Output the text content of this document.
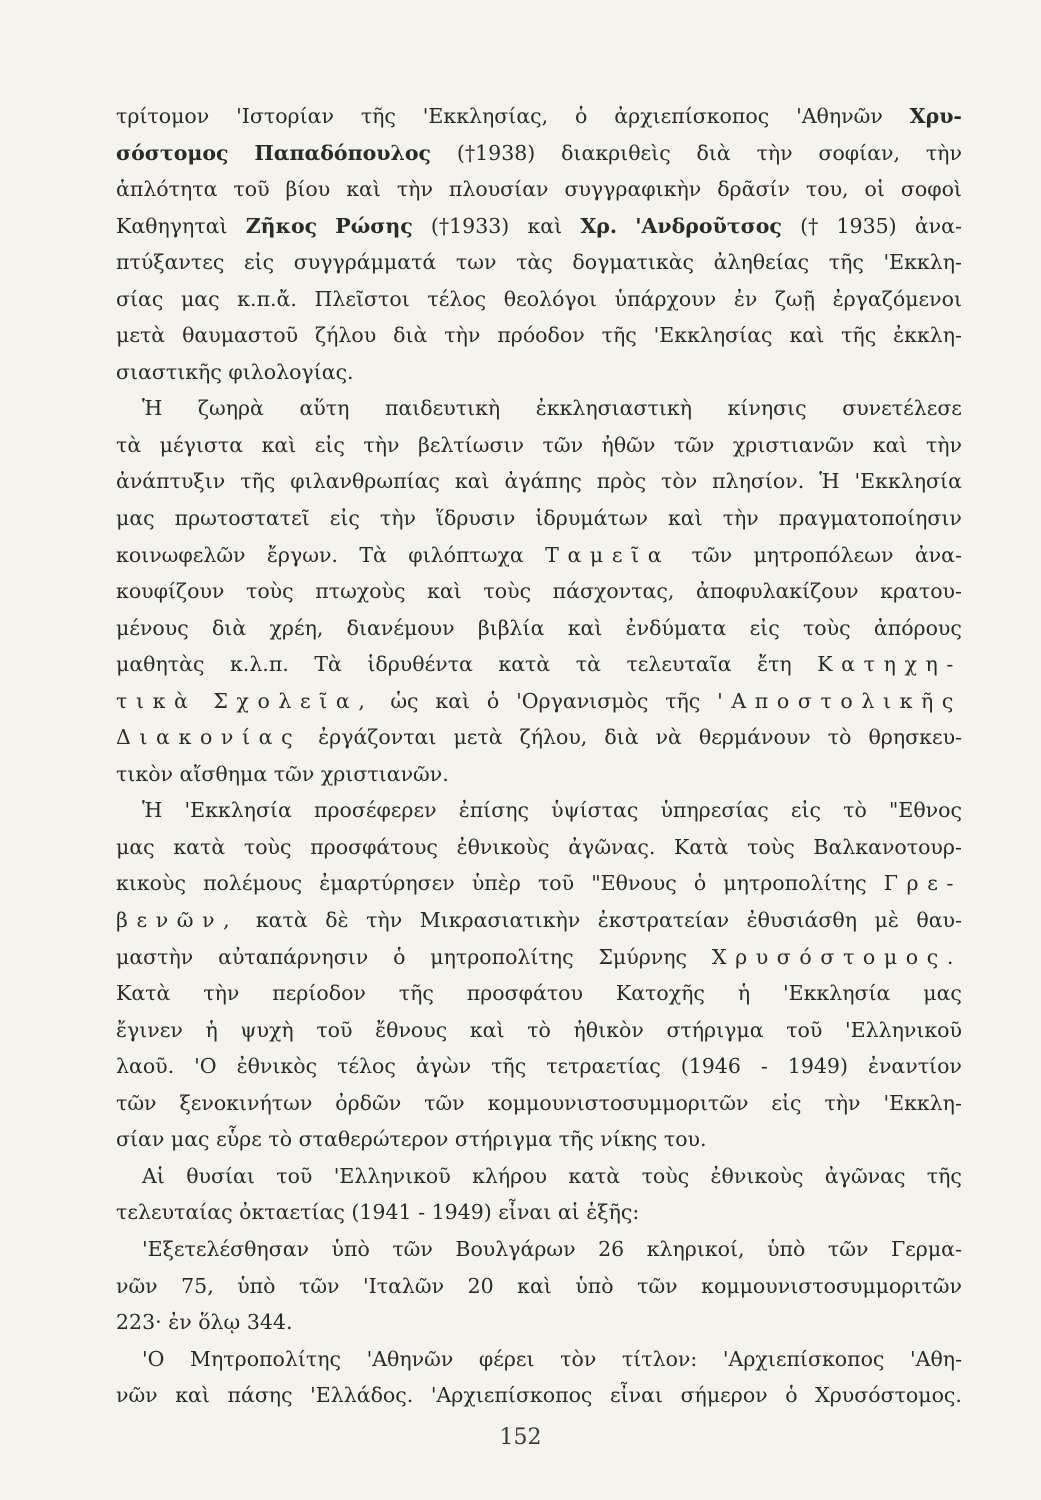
τρίτομον 'Ιστορίαν τῆς 'Εκκλησίας, ὁ ἀρχιεπίσκοπος 'Αθηνῶν Χρυ-
σόστομος Παπαδόπουλος (†1938) διακριθεὶς διὰ τὴν σοφίαν, τὴν
ἁπλότητα τοῦ βίου καὶ τὴν πλουσίαν συγγραφικὴν δρᾶσίν του, οἱ σοφοὶ
Καθηγηταὶ Ζῆκος Ρώσης (†1933) καὶ Χρ. 'Ανδροῦτσος († 1935) ἀνα-
πτύξαντες εἰς συγγράμματά των τὰς δογματικὰς ἀληθείας τῆς 'Εκκλη-
σίας μας κ.π.ἄ. Πλεῖστοι τέλος θεολόγοι ὑπάρχουν ἐν ζωῇ ἐργαζόμενοι
μετὰ θαυμαστοῦ ζήλου διὰ τὴν πρόοδον τῆς 'Εκκλησίας καὶ τῆς ἐκκλη-
σιαστικῆς φιλολογίας.
Ἡ ζωηρὰ αὕτη παιδευτικὴ ἐκκλησιαστικὴ κίνησις συνετέλεσε
τὰ μέγιστα καὶ εἰς τὴν βελτίωσιν τῶν ἠθῶν τῶν χριστιανῶν καὶ τὴν
ἀνάπτυξιν τῆς φιλανθρωπίας καὶ ἀγάπης πρὸς τὸν πλησίον. Ἡ 'Εκκλησία
μας πρωτοστατεῖ εἰς τὴν ἵδρυσιν ἱδρυμάτων καὶ τὴν πραγματοποίησιν
κοινωφελῶν ἔργων. Τὰ φιλόπτωχα Ταμεῖα τῶν μητροπόλεων ἀνα-
κουφίζουν τοὺς πτωχοὺς καὶ τοὺς πάσχοντας, ἀποφυλακίζουν κρατου-
μένους διὰ χρέη, διανέμουν βιβλία καὶ ἐνδύματα εἰς τοὺς ἀπόρους
μαθητὰς κ.λ.π. Τὰ ἱδρυθέντα κατὰ τὰ τελευταῖα ἔτη Κατηχη-
τικὰ Σχολεῖα, ὡς καὶ ὁ 'Οργανισμὸς τῆς 'Αποστολικῆς
Διακονίας ἐργάζονται μετὰ ζήλου, διὰ νὰ θερμάνουν τὸ θρησκευ-
τικὸν αἴσθημα τῶν χριστιανῶν.
Ἡ 'Εκκλησία προσέφερεν ἐπίσης ὑψίστας ὑπηρεσίας εἰς τὸ "Εθνος
μας κατὰ τοὺς προσφάτους ἐθνικοὺς ἀγῶνας. Κατὰ τοὺς Βαλκανοτουρ-
κικοὺς πολέμους ἐμαρτύρησεν ὑπὲρ τοῦ "Εθνους ὁ μητροπολίτης Γρε-
βενῶν, κατὰ δὲ τὴν Μικρασιατικὴν ἐκστρατείαν ἐθυσιάσθη μὲ θαυ-
μαστὴν αὐταπάρνησιν ὁ μητροπολίτης Σμύρνης Χρυσόστομος.
Κατὰ τὴν περίοδον τῆς προσφάτου Κατοχῆς ἡ 'Εκκλησία μας
ἔγινεν ἡ ψυχὴ τοῦ ἔθνους καὶ τὸ ἠθικὸν στήριγμα τοῦ 'Ελληνικοῦ
λαοῦ. 'Ο ἐθνικὸς τέλος ἀγὼν τῆς τετραετίας (1946 - 1949) ἐναντίον
τῶν ξενοκινήτων ὀρδῶν τῶν κομμουνιστοσυμμοριτῶν εἰς τὴν 'Εκκλη-
σίαν μας εὗρε τὸ σταθερώτερον στήριγμα τῆς νίκης του.
Αἱ θυσίαι τοῦ 'Ελληνικοῦ κλήρου κατὰ τοὺς ἐθνικοὺς ἀγῶνας τῆς
τελευταίας ὀκταετίας (1941 - 1949) εἶναι αἱ ἑξῆς:
'Εξετελέσθησαν ὑπὸ τῶν Βουλγάρων 26 κληρικοί, ὑπὸ τῶν Γερμα-
νῶν 75, ὑπὸ τῶν 'Ιταλῶν 20 καὶ ὑπὸ τῶν κομμουνιστοσυμμοριτῶν
223· ἐν ὅλῳ 344.
'Ο Μητροπολίτης 'Αθηνῶν φέρει τὸν τίτλον: 'Αρχιεπίσκοπος 'Αθη-
νῶν καὶ πάσης 'Ελλάδος. 'Αρχιεπίσκοπος εἶναι σήμερον ὁ Χρυσόστομος.
152
